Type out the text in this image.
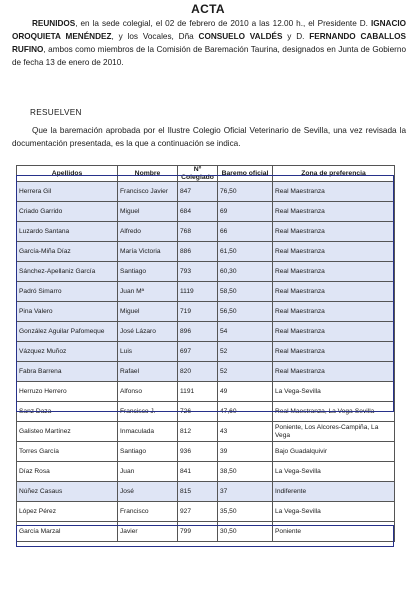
ACTA
REUNIDOS, en la sede colegial, el 02 de febrero de 2010 a las 12.00 h., el Presidente D. IGNACIO OROQUIETA MENÉNDEZ, y los Vocales, Dña CONSUELO VALDÉS y D. FERNANDO CABALLOS RUFINO, ambos como miembros de la Comisión de Baremación Taurina, designados en Junta de Gobierno de fecha 13 de enero de 2010.
RESUELVEN
Que la baremación aprobada por el Ilustre Colegio Oficial Veterinario de Sevilla, una vez revisada la documentación presentada, es la que a continuación se indica.
Apellidos	Nombre	Nº Colegiado	Baremo oficial	Zona de preferencia
Herrera Gil	Francisco Javier	847	76,50	Real Maestranza
Criado Garrido	Miguel	684	69	Real Maestranza
Luzardo Santana	Alfredo	768	66	Real Maestranza
García-Miña Díaz	María Victoria	886	61,50	Real Maestranza
Sánchez-Apellaniz García	Santiago	793	60,30	Real Maestranza
Padró Simarro	Juan Mª	1119	58,50	Real Maestranza
Pina Valero	Miguel	719	56,50	Real Maestranza
González Aguilar Pafomeque	José Lázaro	896	54	Real Maestranza
Vázquez Muñoz	Luis	697	52	Real Maestranza
Fabra Barrena	Rafael	820	52	Real Maestranza
Herruzo Herrero	Alfonso	1191	49	La Vega-Sevilla
Sanz Daza	Francisco J.	726	47,60	Real Maestranza, La Vega-Sevilla
Galisteo Martínez	Inmaculada	812	43	Poniente, Los Alcores-Campiña, La Vega
Torres García	Santiago	936	39	Bajo Guadalquivir
Díaz Rosa	Juan	841	38,50	La Vega-Sevilla
Núñez Casaus	José	815	37	Indiferente
López Pérez	Francisco	927	35,50	La Vega-Sevilla
García Marzal	Javier	799	30,50	Poniente
